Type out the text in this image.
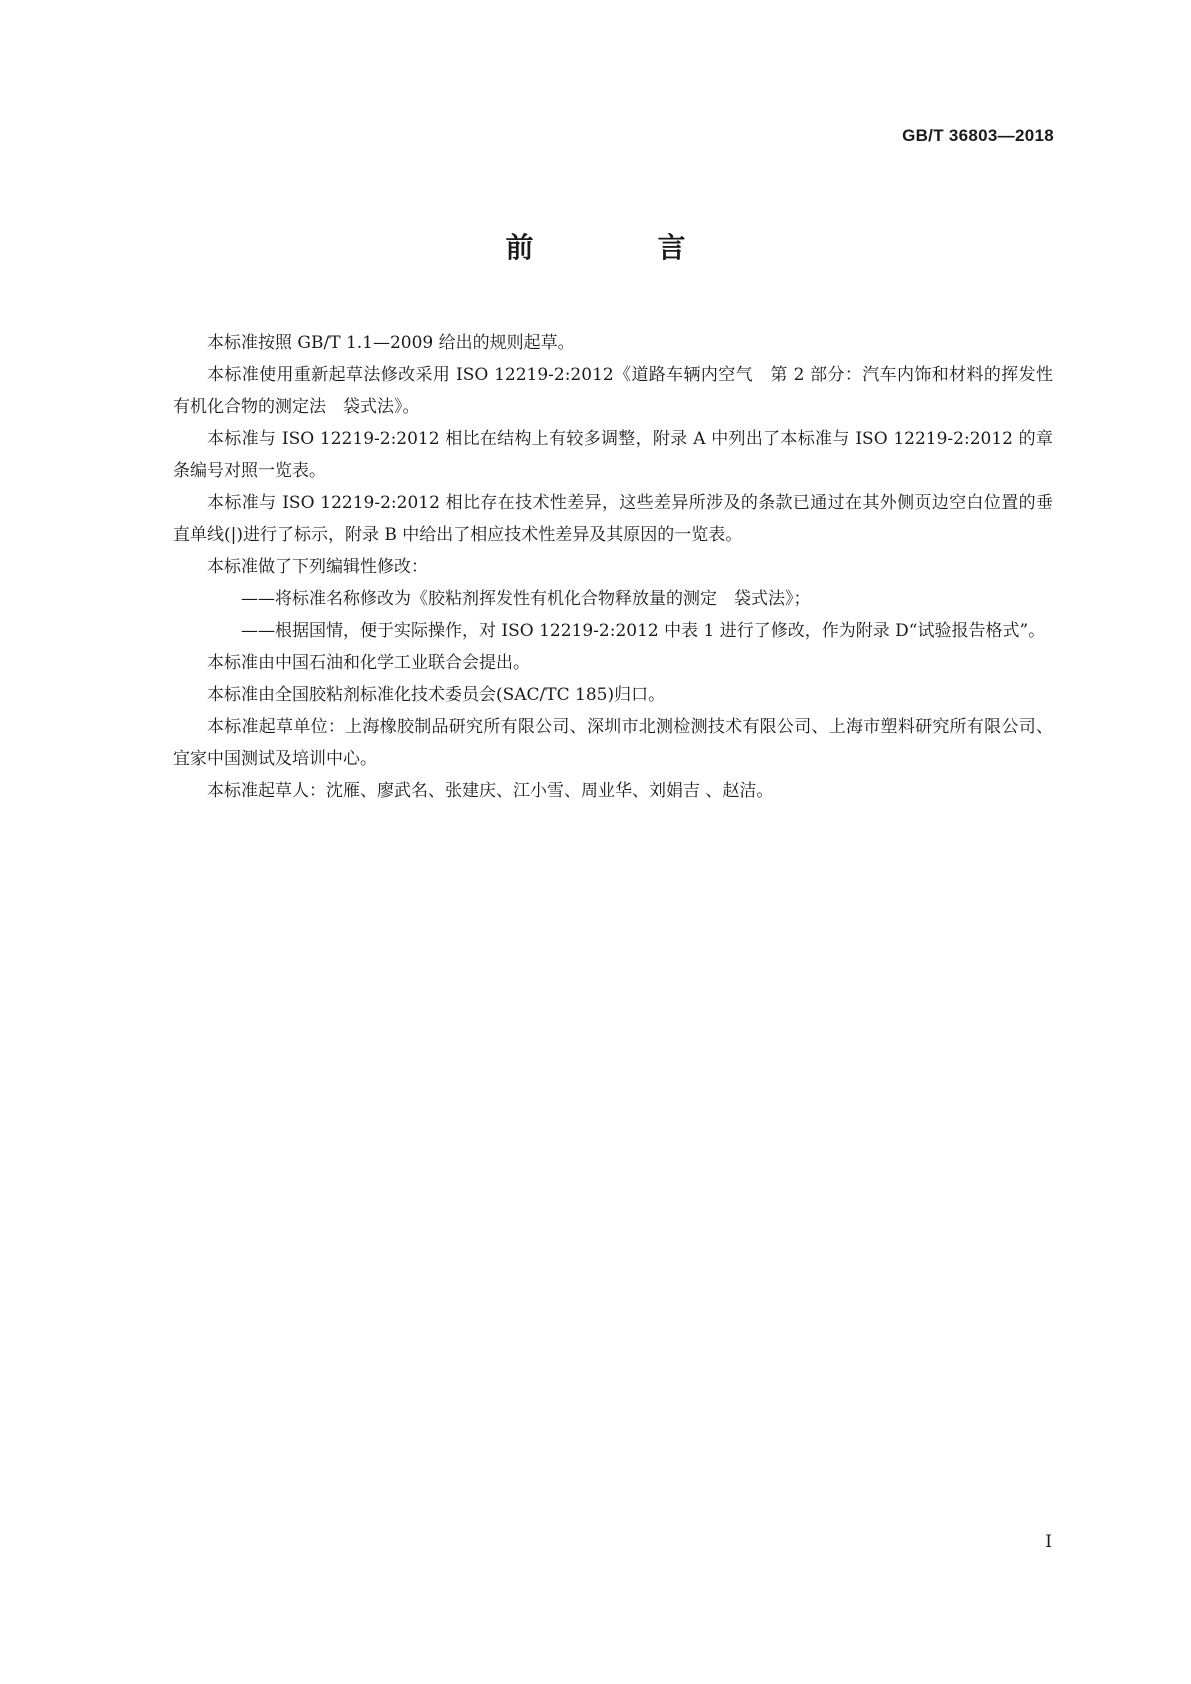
GB/T 36803—2018
前　言

本标准按照 GB/T 1.1—2009 给出的规则起草。

本标准使用重新起草法修改采用 ISO 12219-2:2012《道路车辆内空气　第 2 部分：汽车内饰和材料的挥发性有机化合物的测定法　袋式法》。

本标准与 ISO 12219-2:2012 相比在结构上有较多调整，附录 A 中列出了本标准与 ISO 12219-2:2012 的章条编号对照一览表。

本标准与 ISO 12219-2:2012 相比存在技术性差异，这些差异所涉及的条款已通过在其外侧页边空白位置的垂直单线(|)进行了标示，附录 B 中给出了相应技术性差异及其原因的一览表。

本标准做了下列编辑性修改：

——将标准名称修改为《胶粘剂挥发性有机化合物释放量的测定　袋式法》；

——根据国情，便于实际操作，对 ISO 12219-2:2012 中表 1 进行了修改，作为附录 D“试验报告格式”。

本标准由中国石油和化学工业联合会提出。

本标准由全国胶粘剂标准化技术委员会(SAC/TC 185)归口。

本标准起草单位：上海橡胶制品研究所有限公司、深圳市北测检测技术有限公司、上海市塑料研究所有限公司、宜家中国测试及培训中心。

本标准起草人：沈雁、廖武名、张建庆、江小雪、周业华、刘娟吉 、赵洁。

I
